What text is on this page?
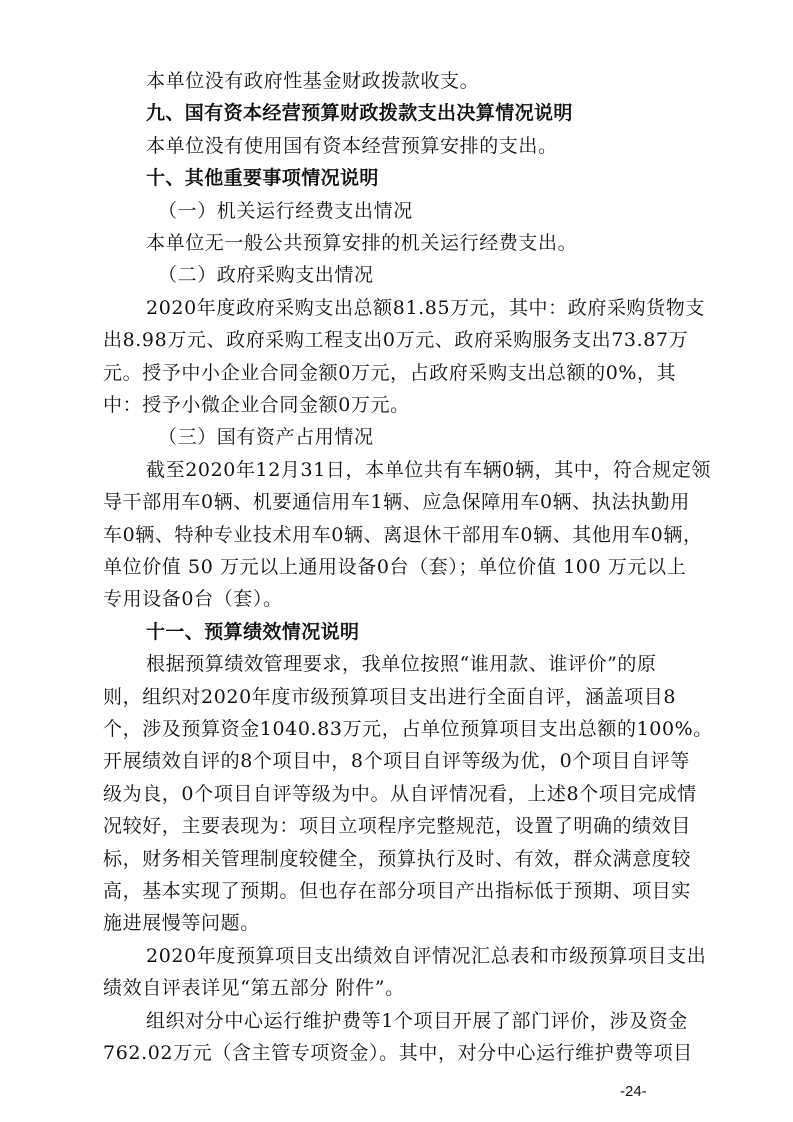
本单位没有政府性基金财政拨款收支。
九、国有资本经营预算财政拨款支出决算情况说明
本单位没有使用国有资本经营预算安排的支出。
十、其他重要事项情况说明
（一）机关运行经费支出情况
本单位无一般公共预算安排的机关运行经费支出。
（二）政府采购支出情况
2020年度政府采购支出总额81.85万元，其中：政府采购货物支
出8.98万元、政府采购工程支出0万元、政府采购服务支出73.87万
元。授予中小企业合同金额0万元，占政府采购支出总额的0%，其
中：授予小微企业合同金额0万元。
（三）国有资产占用情况
截至2020年12月31日，本单位共有车辆0辆，其中，符合规定领
导干部用车0辆、机要通信用车1辆、应急保障用车0辆、执法执勤用
车0辆、特种专业技术用车0辆、离退休干部用车0辆、其他用车0辆，
单位价值 50 万元以上通用设备0台（套）；单位价值 100 万元以上
专用设备0台（套）。
十一、预算绩效情况说明
根据预算绩效管理要求，我单位按照“谁用款、谁评价”的原
则，组织对2020年度市级预算项目支出进行全面自评，涵盖项目8
个，涉及预算资金1040.83万元，占单位预算项目支出总额的100%。
开展绩效自评的8个项目中，8个项目自评等级为优，0个项目自评等
级为良，0个项目自评等级为中。从自评情况看，上述8个项目完成情
况较好，主要表现为：项目立项程序完整规范，设置了明确的绩效目
标，财务相关管理制度较健全，预算执行及时、有效，群众满意度较
高，基本实现了预期。但也存在部分项目产出指标低于预期、项目实
施进展慢等问题。
2020年度预算项目支出绩效自评情况汇总表和市级预算项目支出
绩效自评表详见“第五部分 附件”。
组织对分中心运行维护费等1个项目开展了部门评价，涉及资金
762.02万元（含主管专项资金）。其中，对分中心运行维护费等项目
-24-
